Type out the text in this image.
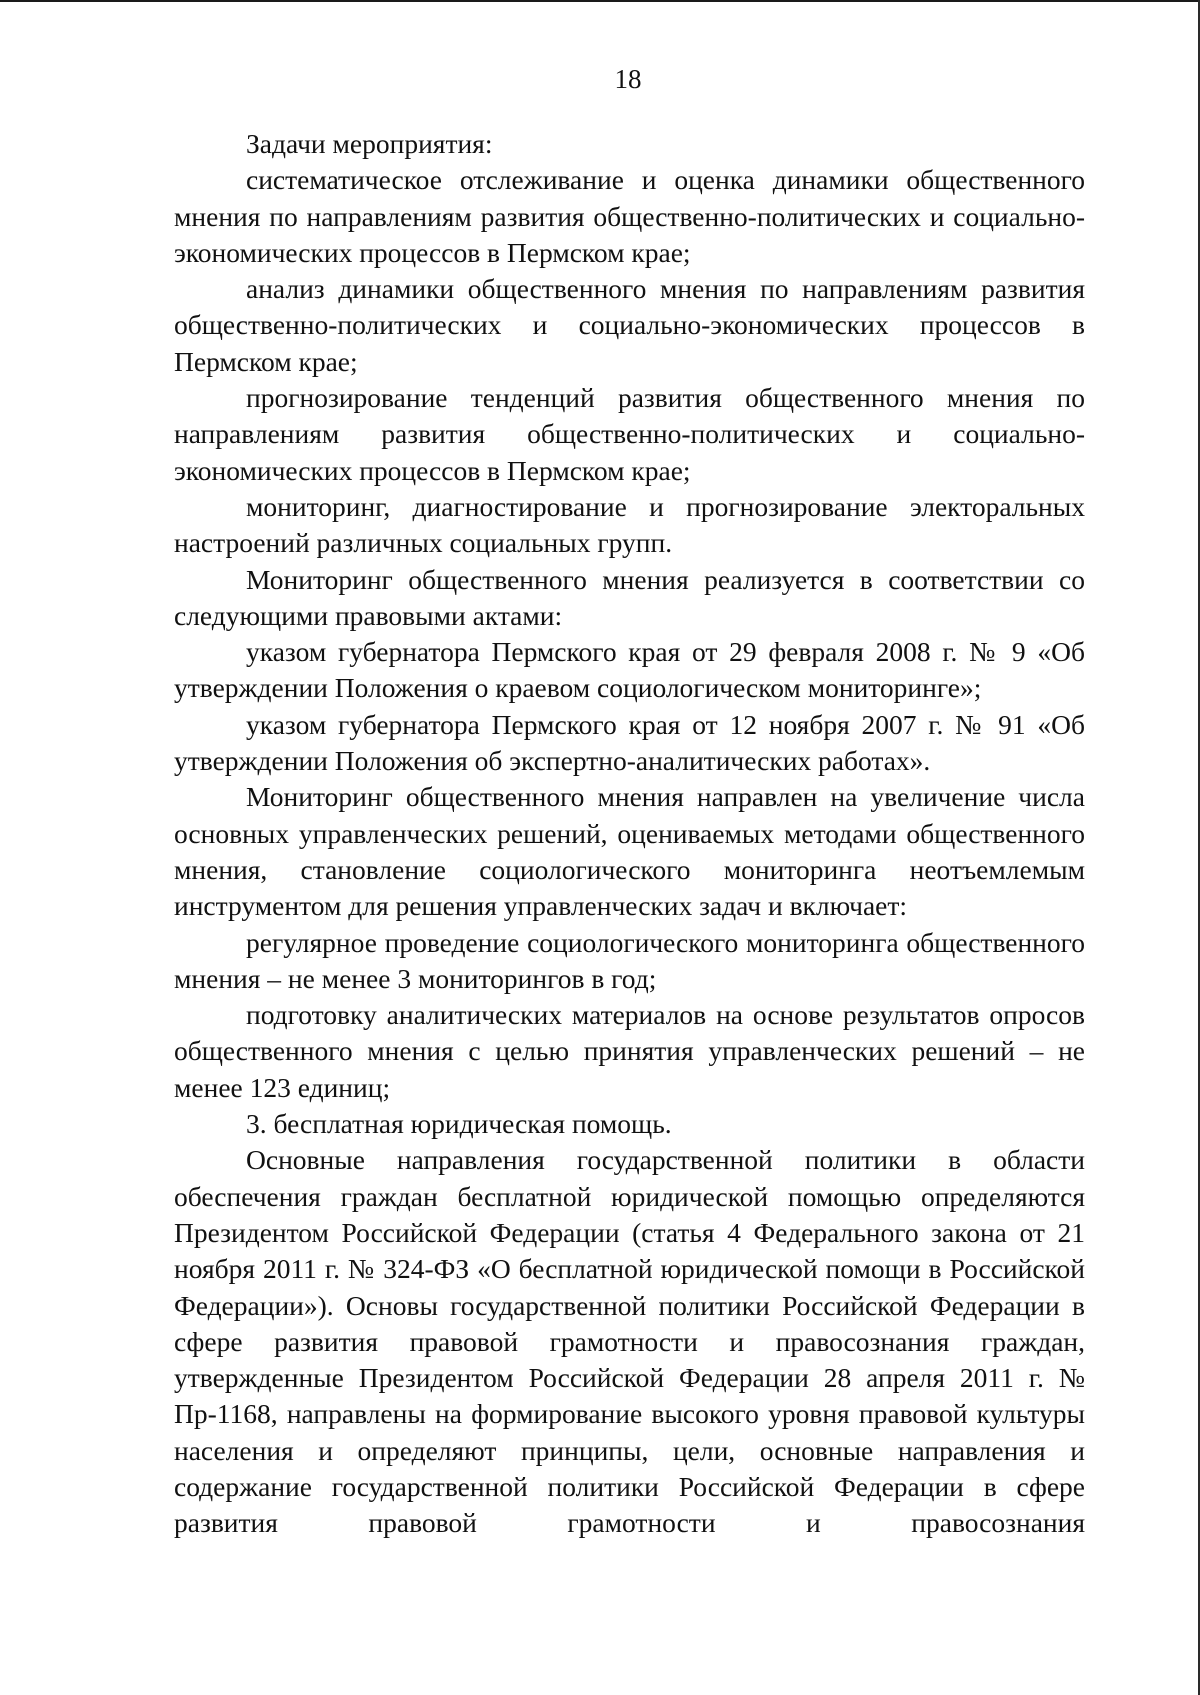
18

Задачи мероприятия:

систематическое отслеживание и оценка динамики общественного мнения по направлениям развития общественно-политических и социально-экономических процессов в Пермском крае;

анализ динамики общественного мнения по направлениям развития общественно-политических и социально-экономических процессов в Пермском крае;

прогнозирование тенденций развития общественного мнения по направлениям развития общественно-политических и социально-экономических процессов в Пермском крае;

мониторинг, диагностирование и прогнозирование электоральных настроений различных социальных групп.

Мониторинг общественного мнения реализуется в соответствии со следующими правовыми актами:

указом губернатора Пермского края от 29 февраля 2008 г. № 9 «Об утверждении Положения о краевом социологическом мониторинге»;

указом губернатора Пермского края от 12 ноября 2007 г. № 91 «Об утверждении Положения об экспертно-аналитических работах».

Мониторинг общественного мнения направлен на увеличение числа основных управленческих решений, оцениваемых методами общественного мнения, становление социологического мониторинга неотъемлемым инструментом для решения управленческих задач и включает:

регулярное проведение социологического мониторинга общественного мнения – не менее 3 мониторингов в год;

подготовку аналитических материалов на основе результатов опросов общественного мнения с целью принятия управленческих решений – не менее 123 единиц;

3. бесплатная юридическая помощь.

Основные направления государственной политики в области обеспечения граждан бесплатной юридической помощью определяются Президентом Российской Федерации (статья 4 Федерального закона от 21 ноября 2011 г. № 324-ФЗ «О бесплатной юридической помощи в Российской Федерации»). Основы государственной политики Российской Федерации в сфере развития правовой грамотности и правосознания граждан, утвержденные Президентом Российской Федерации 28 апреля 2011 г. № Пр-1168, направлены на формирование высокого уровня правовой культуры населения и определяют принципы, цели, основные направления и содержание государственной политики Российской Федерации в сфере развития правовой грамотности и правосознания
